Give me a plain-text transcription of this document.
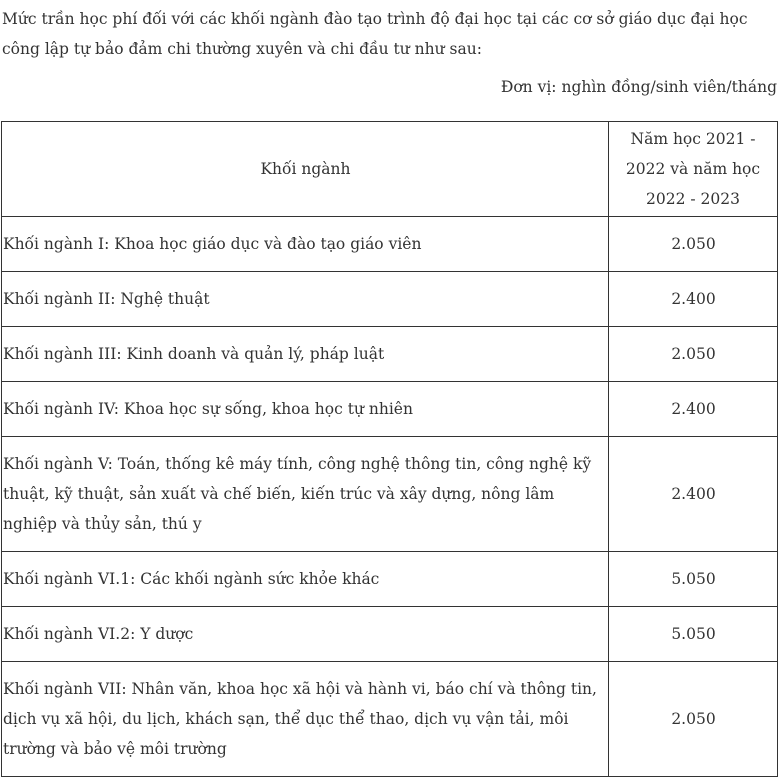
Mức trần học phí đối với các khối ngành đào tạo trình độ đại học tại các cơ sở giáo dục đại học công lập tự bảo đảm chi thường xuyên và chi đầu tư như sau:

Đơn vị: nghìn đồng/sinh viên/tháng
Khối ngành	Năm học 2021 - 2022 và năm học 2022 - 2023
Khối ngành I: Khoa học giáo dục và đào tạo giáo viên	2.050
Khối ngành II: Nghệ thuật	2.400
Khối ngành III: Kinh doanh và quản lý, pháp luật	2.050
Khối ngành IV: Khoa học sự sống, khoa học tự nhiên	2.400
Khối ngành V: Toán, thống kê máy tính, công nghệ thông tin, công nghệ kỹ thuật, kỹ thuật, sản xuất và chế biến, kiến trúc và xây dựng, nông lâm nghiệp và thủy sản, thú y	2.400
Khối ngành VI.1: Các khối ngành sức khỏe khác	5.050
Khối ngành VI.2: Y dược	5.050
Khối ngành VII: Nhân văn, khoa học xã hội và hành vi, báo chí và thông tin, dịch vụ xã hội, du lịch, khách sạn, thể dục thể thao, dịch vụ vận tải, môi trường và bảo vệ môi trường	2.050
